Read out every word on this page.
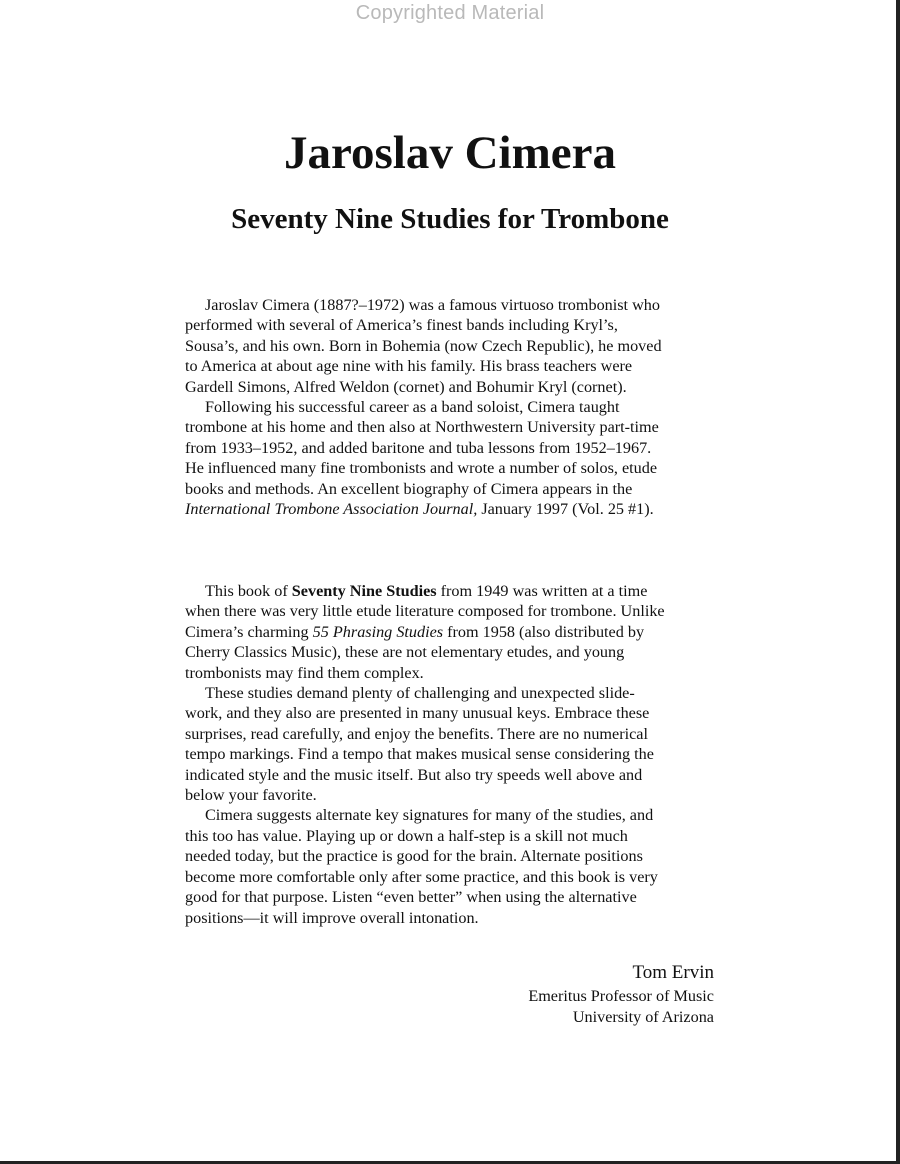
Copyrighted Material
Jaroslav Cimera
Seventy Nine Studies for Trombone
Jaroslav Cimera (1887?–1972) was a famous virtuoso trombonist who
performed with several of America’s finest bands including Kryl’s,
Sousa’s, and his own. Born in Bohemia (now Czech Republic), he moved
to America at about age nine with his family. His brass teachers were
Gardell Simons, Alfred Weldon (cornet) and Bohumir Kryl (cornet).
Following his successful career as a band soloist, Cimera taught
trombone at his home and then also at Northwestern University part-time
from 1933–1952, and added baritone and tuba lessons from 1952–1967.
He influenced many fine trombonists and wrote a number of solos, etude
books and methods. An excellent biography of Cimera appears in the
International Trombone Association Journal, January 1997 (Vol. 25 #1).
This book of Seventy Nine Studies from 1949 was written at a time
when there was very little etude literature composed for trombone. Unlike
Cimera’s charming 55 Phrasing Studies from 1958 (also distributed by
Cherry Classics Music), these are not elementary etudes, and young
trombonists may find them complex.
These studies demand plenty of challenging and unexpected slide-
work, and they also are presented in many unusual keys. Embrace these
surprises, read carefully, and enjoy the benefits. There are no numerical
tempo markings. Find a tempo that makes musical sense considering the
indicated style and the music itself. But also try speeds well above and
below your favorite.
Cimera suggests alternate key signatures for many of the studies, and
this too has value. Playing up or down a half-step is a skill not much
needed today, but the practice is good for the brain. Alternate positions
become more comfortable only after some practice, and this book is very
good for that purpose. Listen “even better” when using the alternative
positions—it will improve overall intonation.
Tom Ervin
Emeritus Professor of Music
University of Arizona
